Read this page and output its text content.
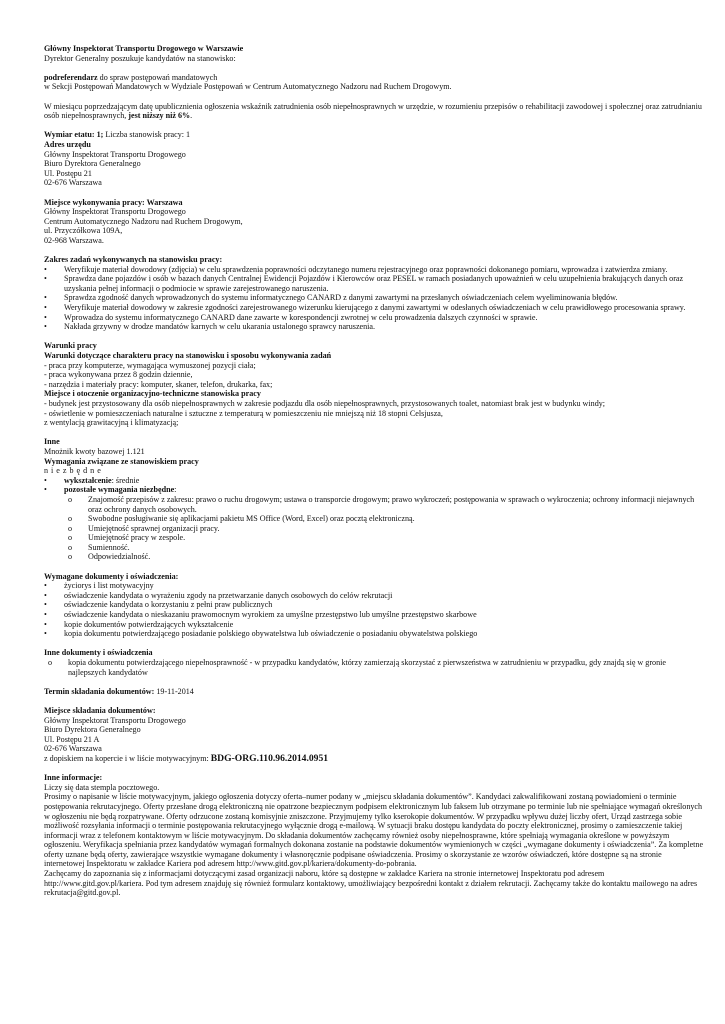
Główny Inspektorat Transportu Drogowego w Warszawie

Dyrektor Generalny poszukuje kandydatów na stanowisko:

podreferendarz do spraw postępowań mandatowych

w Sekcji Postępowań Mandatowych w Wydziale Postępowań w Centrum Automatycznego Nadzoru nad Ruchem Drogowym.

W miesiącu poprzedzającym datę upublicznienia ogłoszenia wskaźnik zatrudnienia osób niepełnosprawnych w urzędzie, w rozumieniu przepisów o rehabilitacji zawodowej i społecznej oraz zatrudnianiu osób niepełnosprawnych, jest niższy niż 6%.

Wymiar etatu: 1; Liczba stanowisk pracy: 1

Adres urzędu

Główny Inspektorat Transportu Drogowego

Biuro Dyrektora Generalnego

Ul. Postępu 21

02-676 Warszawa

Miejsce wykonywania pracy: Warszawa

Główny Inspektorat Transportu Drogowego

Centrum Automatycznego Nadzoru nad Ruchem Drogowym,

ul. Przyczółkowa 109A,

02-968 Warszawa.

Zakres zadań wykonywanych na stanowisku pracy:

• Weryfikuje materiał dowodowy (zdjęcia) w celu sprawdzenia poprawności odczytanego numeru rejestracyjnego oraz poprawności dokonanego pomiaru, wprowadza i zatwierdza zmiany.
• Sprawdza dane pojazdów i osób w bazach danych Centralnej Ewidencji Pojazdów i Kierowców oraz PESEL w ramach posiadanych upoważnień w celu uzupełnienia brakujących danych oraz uzyskania pełnej informacji o podmiocie w sprawie zarejestrowanego naruszenia.
• Sprawdza zgodność danych wprowadzonych do systemu informatycznego CANARD z danymi zawartymi na przesłanych oświadczeniach celem wyeliminowania błędów.
• Weryfikuje materiał dowodowy w zakresie zgodności zarejestrowanego wizerunku kierującego z danymi zawartymi w odesłanych oświadczeniach w celu prawidłowego procesowania sprawy.
• Wprowadza do systemu informatycznego CANARD dane zawarte w korespondencji zwrotnej w celu prowadzenia dalszych czynności w sprawie.
• Nakłada grzywny w drodze mandatów karnych w celu ukarania ustalonego sprawcy naruszenia.

Warunki pracy

Warunki dotyczące charakteru pracy na stanowisku i sposobu wykonywania zadań

- praca przy komputerze, wymagająca wymuszonej pozycji ciała;

- praca wykonywana przez 8 godzin dziennie,

- narzędzia i materiały pracy: komputer, skaner, telefon, drukarka, fax;

Miejsce i otoczenie organizacyjno-techniczne stanowiska pracy

- budynek jest przystosowany dla osób niepełnosprawnych w zakresie podjazdu dla osób niepełnosprawnych, przystosowanych toalet, natomiast brak jest w budynku windy;

- oświetlenie w pomieszczeniach naturalne i sztuczne z temperaturą w pomieszczeniu nie mniejszą niż 18 stopni Celsjusza,

z wentylacją grawitacyjną i klimatyzacją;

Inne

Mnożnik kwoty bazowej 1.121

Wymagania związane ze stanowiskiem pracy

niezbędne

• wykształcenie: średnie
• pozostałe wymagania niezbędne:
o Znajomość przepisów z zakresu: prawo o ruchu drogowym; ustawa o transporcie drogowym; prawo wykroczeń; postępowania w sprawach o wykroczenia; ochrony informacji niejawnych oraz ochrony danych osobowych.
o Swobodne posługiwanie się aplikacjami pakietu MS Office (Word, Excel) oraz pocztą elektroniczną.
o Umiejętność sprawnej organizacji pracy.
o Umiejętność pracy w zespole.
o Sumienność.
o Odpowiedzialność.

Wymagane dokumenty i oświadczenia:

• życiorys i list motywacyjny
• oświadczenie kandydata o wyrażeniu zgody na przetwarzanie danych osobowych do celów rekrutacji
• oświadczenie kandydata o korzystaniu z pełni praw publicznych
• oświadczenie kandydata o nieskazaniu prawomocnym wyrokiem za umyślne przestępstwo lub umyślne przestępstwo skarbowe
• kopie dokumentów potwierdzających wykształcenie
• kopia dokumentu potwierdzającego posiadanie polskiego obywatelstwa lub oświadczenie o posiadaniu obywatelstwa polskiego

Inne dokumenty i oświadczenia

o kopia dokumentu potwierdzającego niepełnosprawność - w przypadku kandydatów, którzy zamierzają skorzystać z pierwszeństwa w zatrudnieniu w przypadku, gdy znajdą się w gronie najlepszych kandydatów

Termin składania dokumentów: 19-11-2014

Miejsce składania dokumentów:

Główny Inspektorat Transportu Drogowego

Biuro Dyrektora Generalnego

Ul. Postępu 21 A

02-676 Warszawa

z dopiskiem na kopercie i w liście motywacyjnym: BDG-ORG.110.96.2014.0951

Inne informacje:

Liczy się data stempla pocztowego.

Prosimy o napisanie w liście motywacyjnym, jakiego ogłoszenia dotyczy oferta–numer podany w „miejscu składania dokumentów”. Kandydaci zakwalifikowani zostaną powiadomieni o terminie postępowania rekrutacyjnego. Oferty przesłane drogą elektroniczną nie opatrzone bezpiecznym podpisem elektronicznym lub faksem lub otrzymane po terminie lub nie spełniające wymagań określonych w ogłoszeniu nie będą rozpatrywane. Oferty odrzucone zostaną komisyjnie zniszczone. Przyjmujemy tylko kserokopie dokumentów. W przypadku wpływu dużej liczby ofert, Urząd zastrzega sobie możliwość rozsyłania informacji o terminie postępowania rekrutacyjnego wyłącznie drogą e-mailową. W sytuacji braku dostępu kandydata do poczty elektronicznej, prosimy o zamieszczenie takiej informacji wraz z telefonem kontaktowym w liście motywacyjnym. Do składania dokumentów zachęcamy również osoby niepełnosprawne, które spełniają wymagania określone w powyższym ogłoszeniu. Weryfikacja spełniania przez kandydatów wymagań formalnych dokonana zostanie na podstawie dokumentów wymienionych w części „wymagane dokumenty i oświadczenia”. Za kompletne oferty uznane będą oferty, zawierające wszystkie wymagane dokumenty i własnoręcznie podpisane oświadczenia. Prosimy o skorzystanie ze wzorów oświadczeń, które dostępne są na stronie internetowej Inspektoratu w zakładce Kariera pod adresem http://www.gitd.gov.pl/kariera/dokumenty-do-pobrania.

Zachęcamy do zapoznania się z informacjami dotyczącymi zasad organizacji naboru, które są dostępne w zakładce Kariera na stronie internetowej Inspektoratu pod adresem http://www.gitd.gov.pl/kariera. Pod tym adresem znajduję się również formularz kontaktowy, umożliwiający bezpośredni kontakt z działem rekrutacji. Zachęcamy także do kontaktu mailowego na adres rekrutacja@gitd.gov.pl.
